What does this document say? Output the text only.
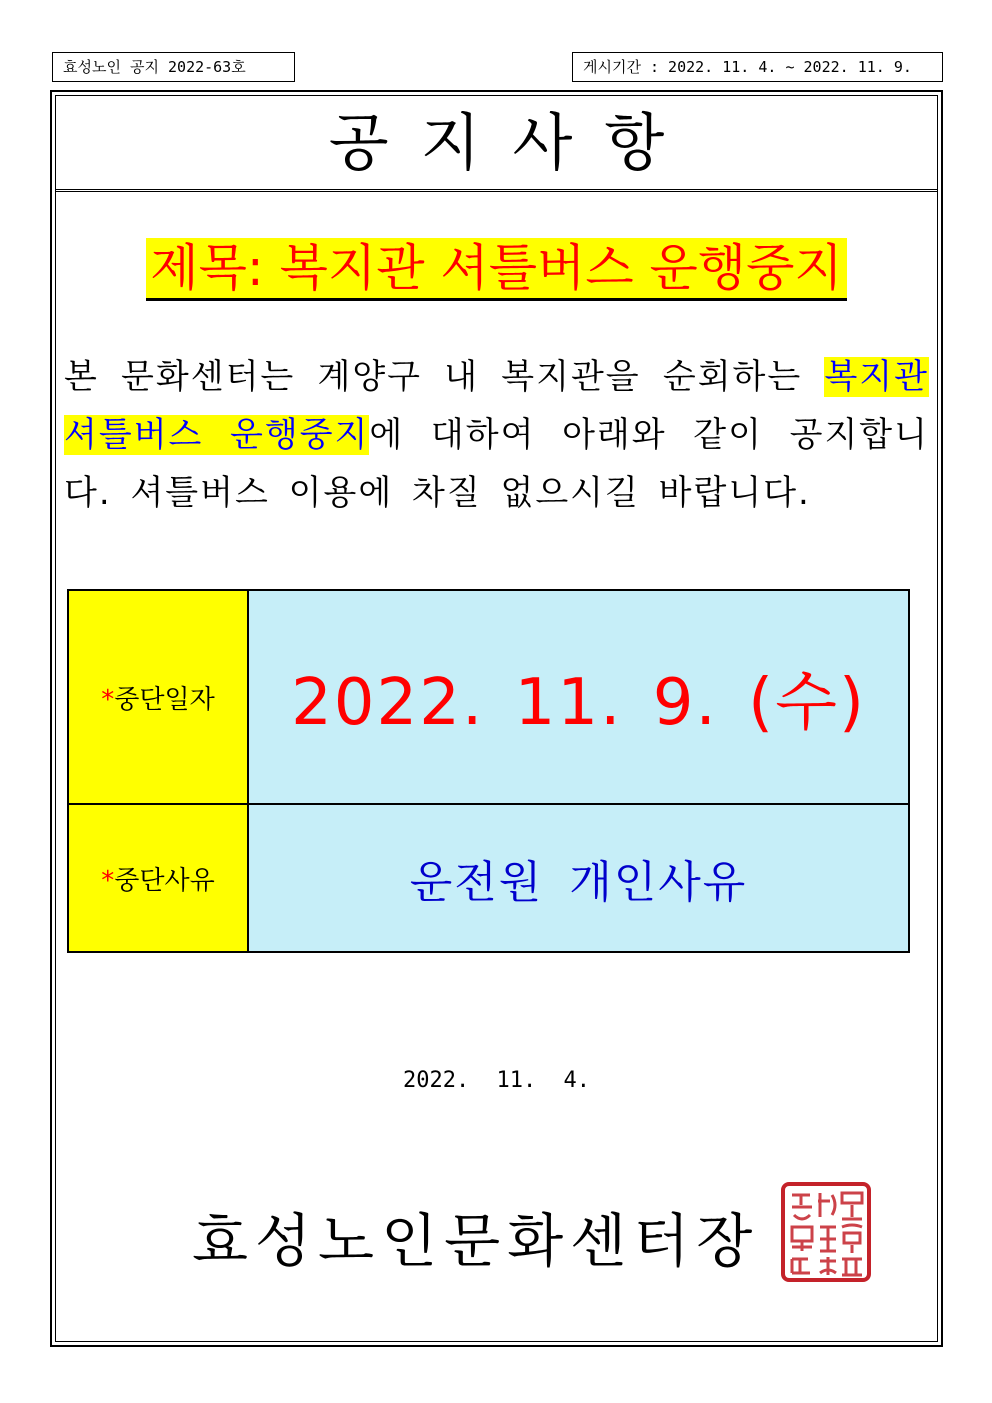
효성노인 공지 2022-63호	게시기간 : 2022. 11. 4. ~ 2022. 11. 9.
공지사항
제목: 복지관 셔틀버스 운행중지
본 문화센터는 계양구 내 복지관을 순회하는 복지관 셔틀버스 운행중지에 대하여 아래와 같이 공지합니다. 셔틀버스 이용에 차질 없으시길 바랍니다.
*중단일자	2022. 11. 9. (수)
*중단사유	운전원 개인사유
2022. 11. 4.
효성노인문화센터장
